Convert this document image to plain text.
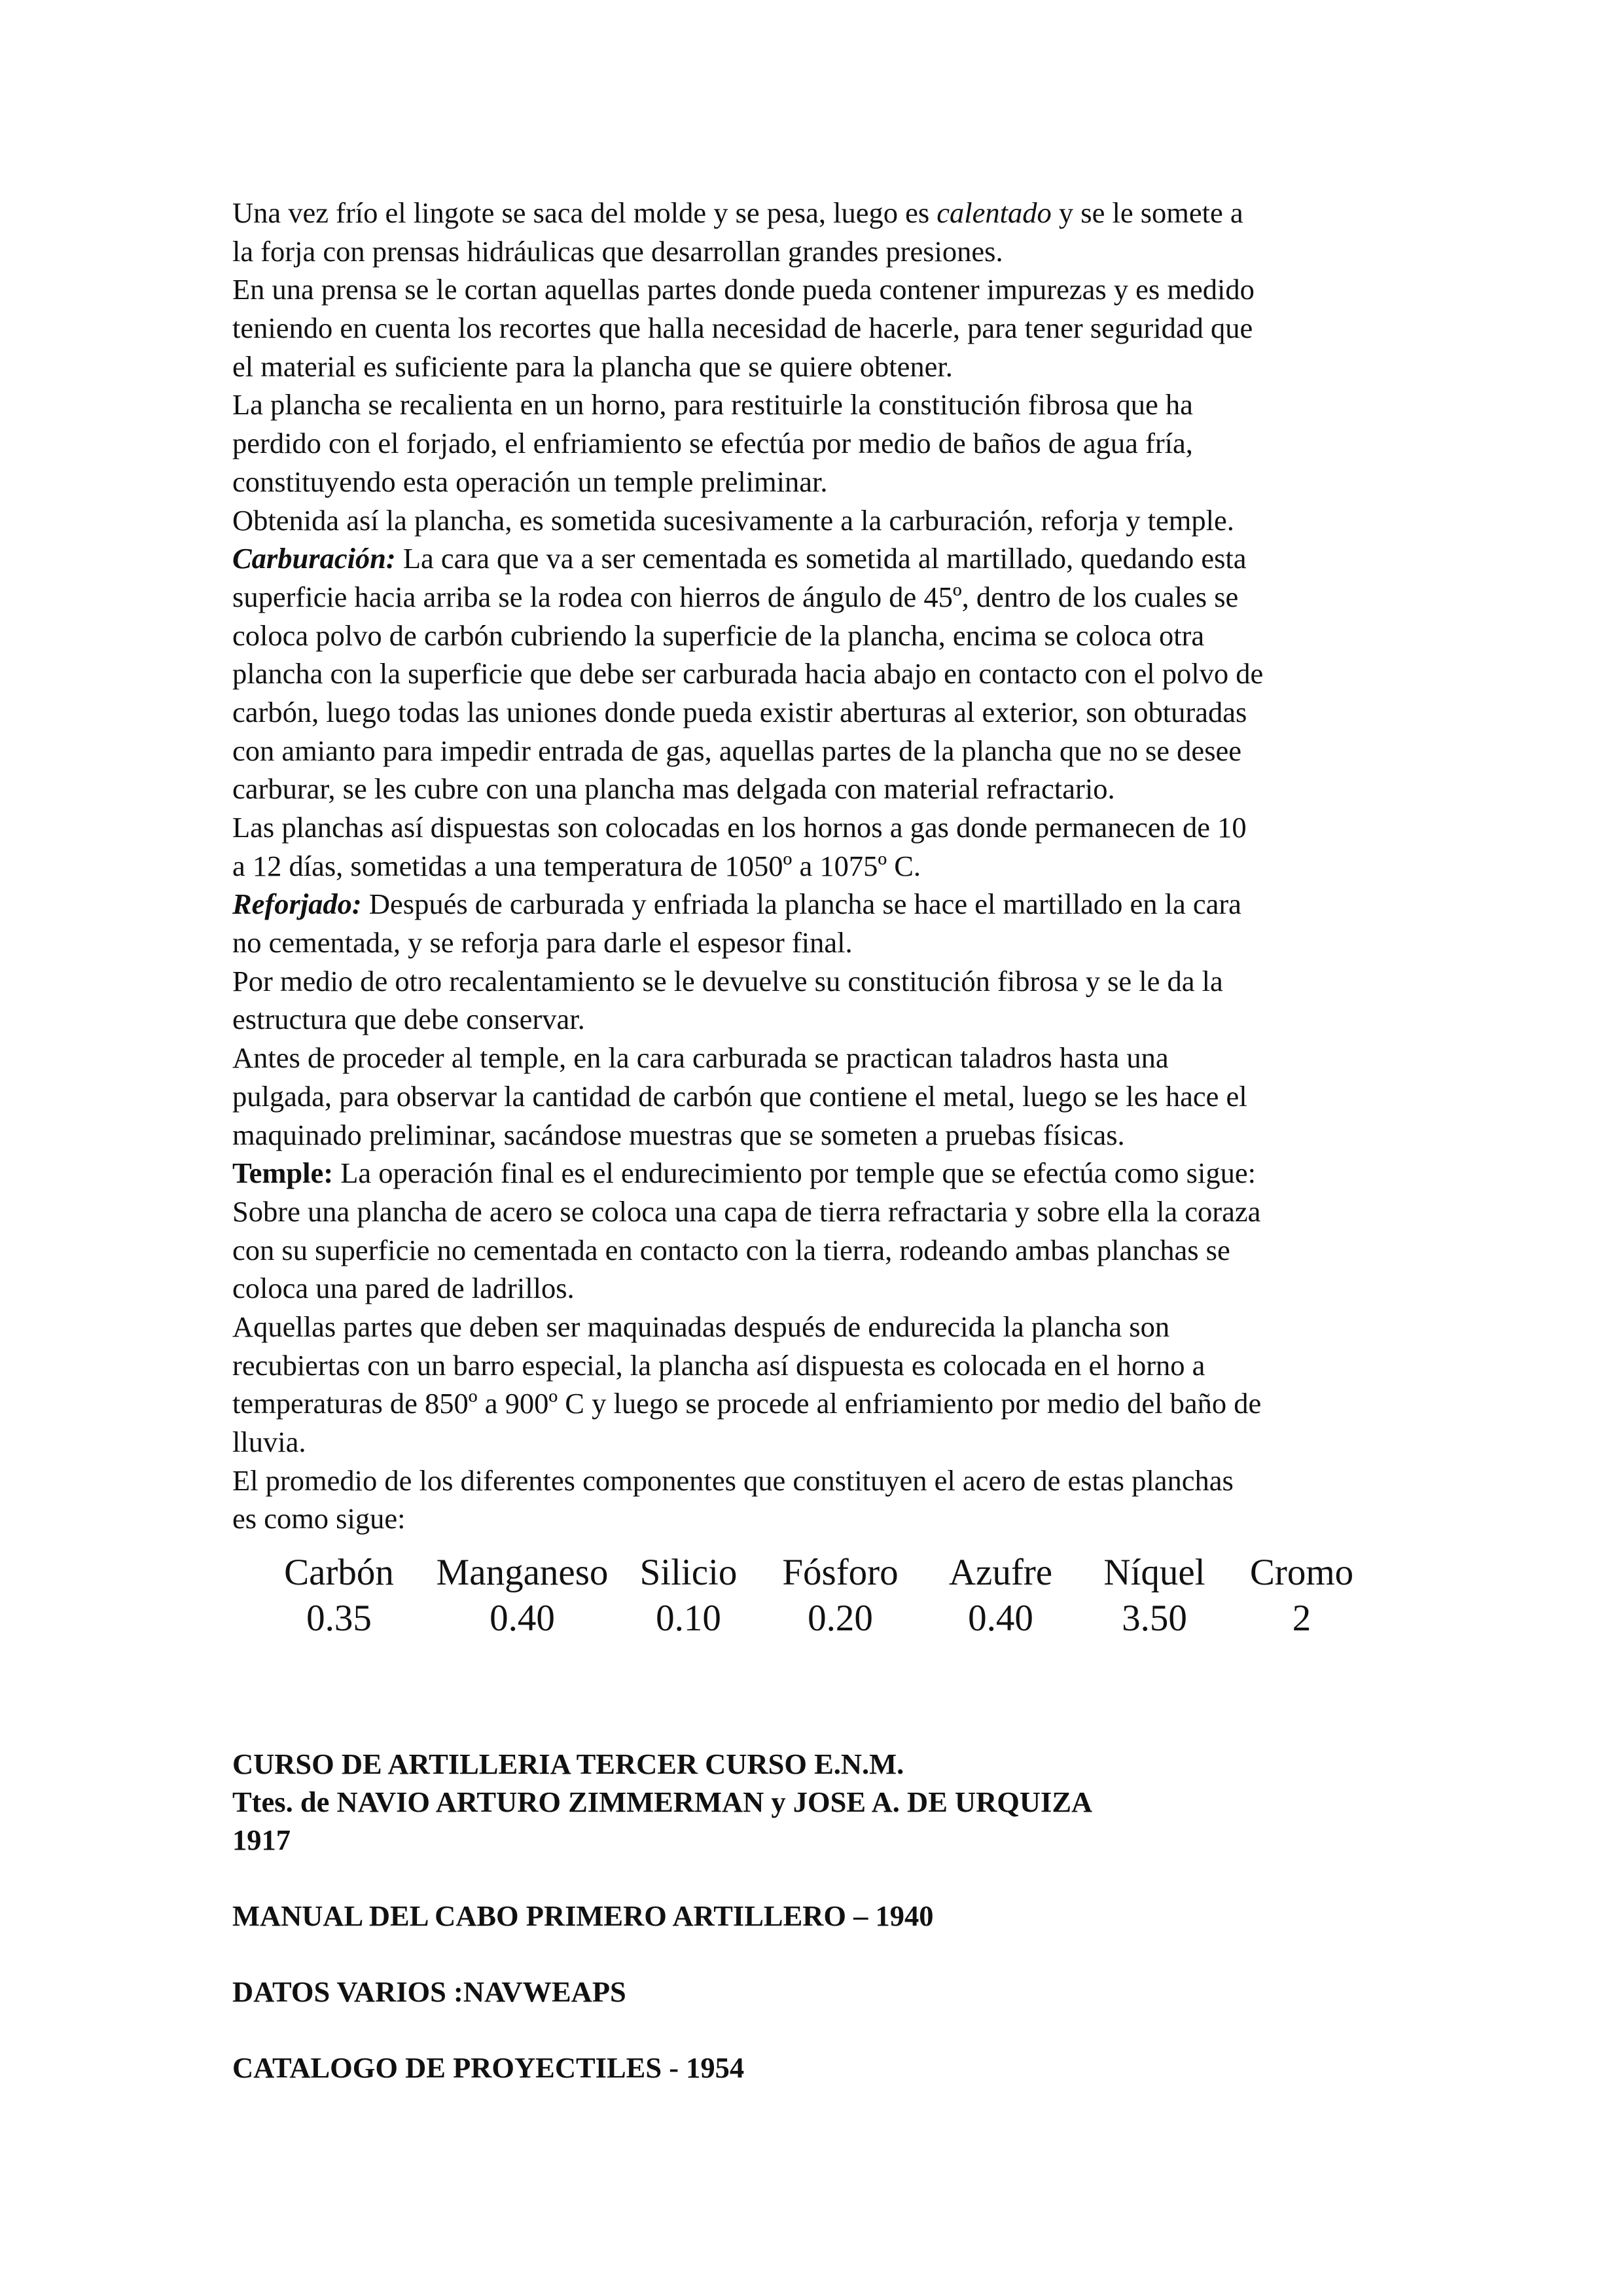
Una vez frío el lingote se saca del molde y se pesa, luego es calentado y se le somete a
la forja con prensas hidráulicas que desarrollan grandes presiones.
En una prensa se le cortan aquellas partes donde pueda contener impurezas y es medido
teniendo en cuenta los recortes que halla necesidad de hacerle, para tener seguridad que
el material es suficiente para la plancha que se quiere obtener.
La plancha se recalienta en un horno, para restituirle la constitución fibrosa que ha
perdido con el forjado, el enfriamiento se efectúa por medio de baños de agua fría,
constituyendo esta operación un temple preliminar.
Obtenida así la plancha, es sometida sucesivamente a la carburación, reforja y temple.
Carburación: La cara que va a ser cementada es sometida al martillado, quedando esta
superficie hacia arriba se la rodea con hierros de ángulo de 45º, dentro de los cuales se
coloca polvo de carbón cubriendo la superficie de la plancha, encima se coloca otra
plancha con la superficie que debe ser carburada hacia abajo en contacto con el polvo de
carbón, luego todas las uniones donde pueda existir aberturas al exterior, son obturadas
con amianto para impedir entrada de gas, aquellas partes de la plancha que no se desee
carburar, se les cubre con una plancha mas delgada con material refractario.
Las planchas así dispuestas son colocadas en los hornos a gas donde permanecen de 10
a 12 días, sometidas a una temperatura de 1050º a 1075º C.
Reforjado: Después de carburada y enfriada la plancha se hace el martillado en la cara
no cementada, y se reforja para darle el espesor final.
Por medio de otro recalentamiento se le devuelve su constitución fibrosa y se le da la
estructura que debe conservar.
Antes de proceder al temple, en la cara carburada se practican taladros hasta una
pulgada, para observar la cantidad de carbón que contiene el metal, luego se les hace el
maquinado preliminar, sacándose muestras que se someten a pruebas físicas.
Temple: La operación final es el endurecimiento por temple que se efectúa como sigue:
Sobre una plancha de acero se coloca una capa de tierra refractaria y sobre ella la coraza
con su superficie no cementada en contacto con la tierra, rodeando ambas planchas se
coloca una pared de ladrillos.
Aquellas partes que deben ser maquinadas después de endurecida la plancha son
recubiertas con un barro especial, la plancha así dispuesta es colocada en el horno a
temperaturas de 850º a 900º C y luego se procede al enfriamiento por medio del baño de
lluvia.
El promedio de los diferentes componentes que constituyen el acero de estas planchas
es como sigue:
Carbón	Manganeso	Silicio	Fósforo	Azufre	Níquel	Cromo
0.35	0.40	0.10	0.20	0.40	3.50	2
CURSO DE ARTILLERIA TERCER CURSO E.N.M.
Ttes. de NAVIO ARTURO ZIMMERMAN y JOSE A. DE URQUIZA
1917
MANUAL DEL CABO PRIMERO ARTILLERO – 1940
DATOS VARIOS :NAVWEAPS
CATALOGO DE PROYECTILES - 1954
